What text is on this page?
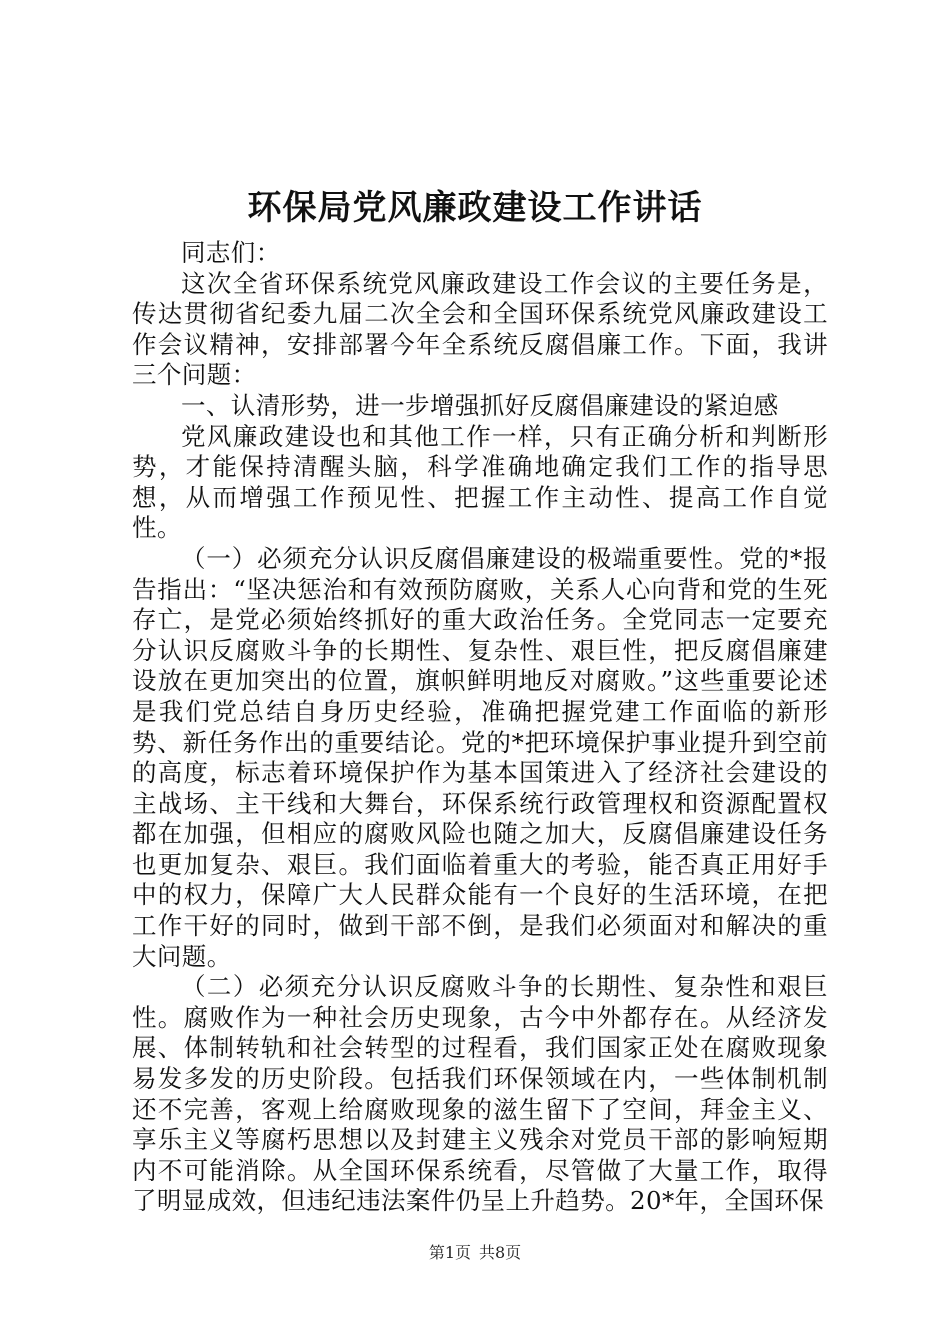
环保局党风廉政建设工作讲话

同志们：

这次全省环保系统党风廉政建设工作会议的主要任务是，传达贯彻省纪委九届二次全会和全国环保系统党风廉政建设工作会议精神，安排部署今年全系统反腐倡廉工作。下面，我讲三个问题：

一、认清形势，进一步增强抓好反腐倡廉建设的紧迫感

党风廉政建设也和其他工作一样，只有正确分析和判断形势，才能保持清醒头脑，科学准确地确定我们工作的指导思想，从而增强工作预见性、把握工作主动性、提高工作自觉性。

（一）必须充分认识反腐倡廉建设的极端重要性。党的*报告指出：“坚决惩治和有效预防腐败，关系人心向背和党的生死存亡，是党必须始终抓好的重大政治任务。全党同志一定要充分认识反腐败斗争的长期性、复杂性、艰巨性，把反腐倡廉建设放在更加突出的位置，旗帜鲜明地反对腐败。”这些重要论述是我们党总结自身历史经验，准确把握党建工作面临的新形势、新任务作出的重要结论。党的*把环境保护事业提升到空前的高度，标志着环境保护作为基本国策进入了经济社会建设的主战场、主干线和大舞台，环保系统行政管理权和资源配置权都在加强，但相应的腐败风险也随之加大，反腐倡廉建设任务也更加复杂、艰巨。我们面临着重大的考验，能否真正用好手中的权力，保障广大人民群众能有一个良好的生活环境，在把工作干好的同时，做到干部不倒，是我们必须面对和解决的重大问题。

（二）必须充分认识反腐败斗争的长期性、复杂性和艰巨性。腐败作为一种社会历史现象，古今中外都存在。从经济发展、体制转轨和社会转型的过程看，我们国家正处在腐败现象易发多发的历史阶段。包括我们环保领域在内，一些体制机制还不完善，客观上给腐败现象的滋生留下了空间，拜金主义、享乐主义等腐朽思想以及封建主义残余对党员干部的影响短期内不可能消除。从全国环保系统看，尽管做了大量工作，取得了明显成效，但违纪违法案件仍呈上升趋势。20*年，全国环保

第1页 共8页
